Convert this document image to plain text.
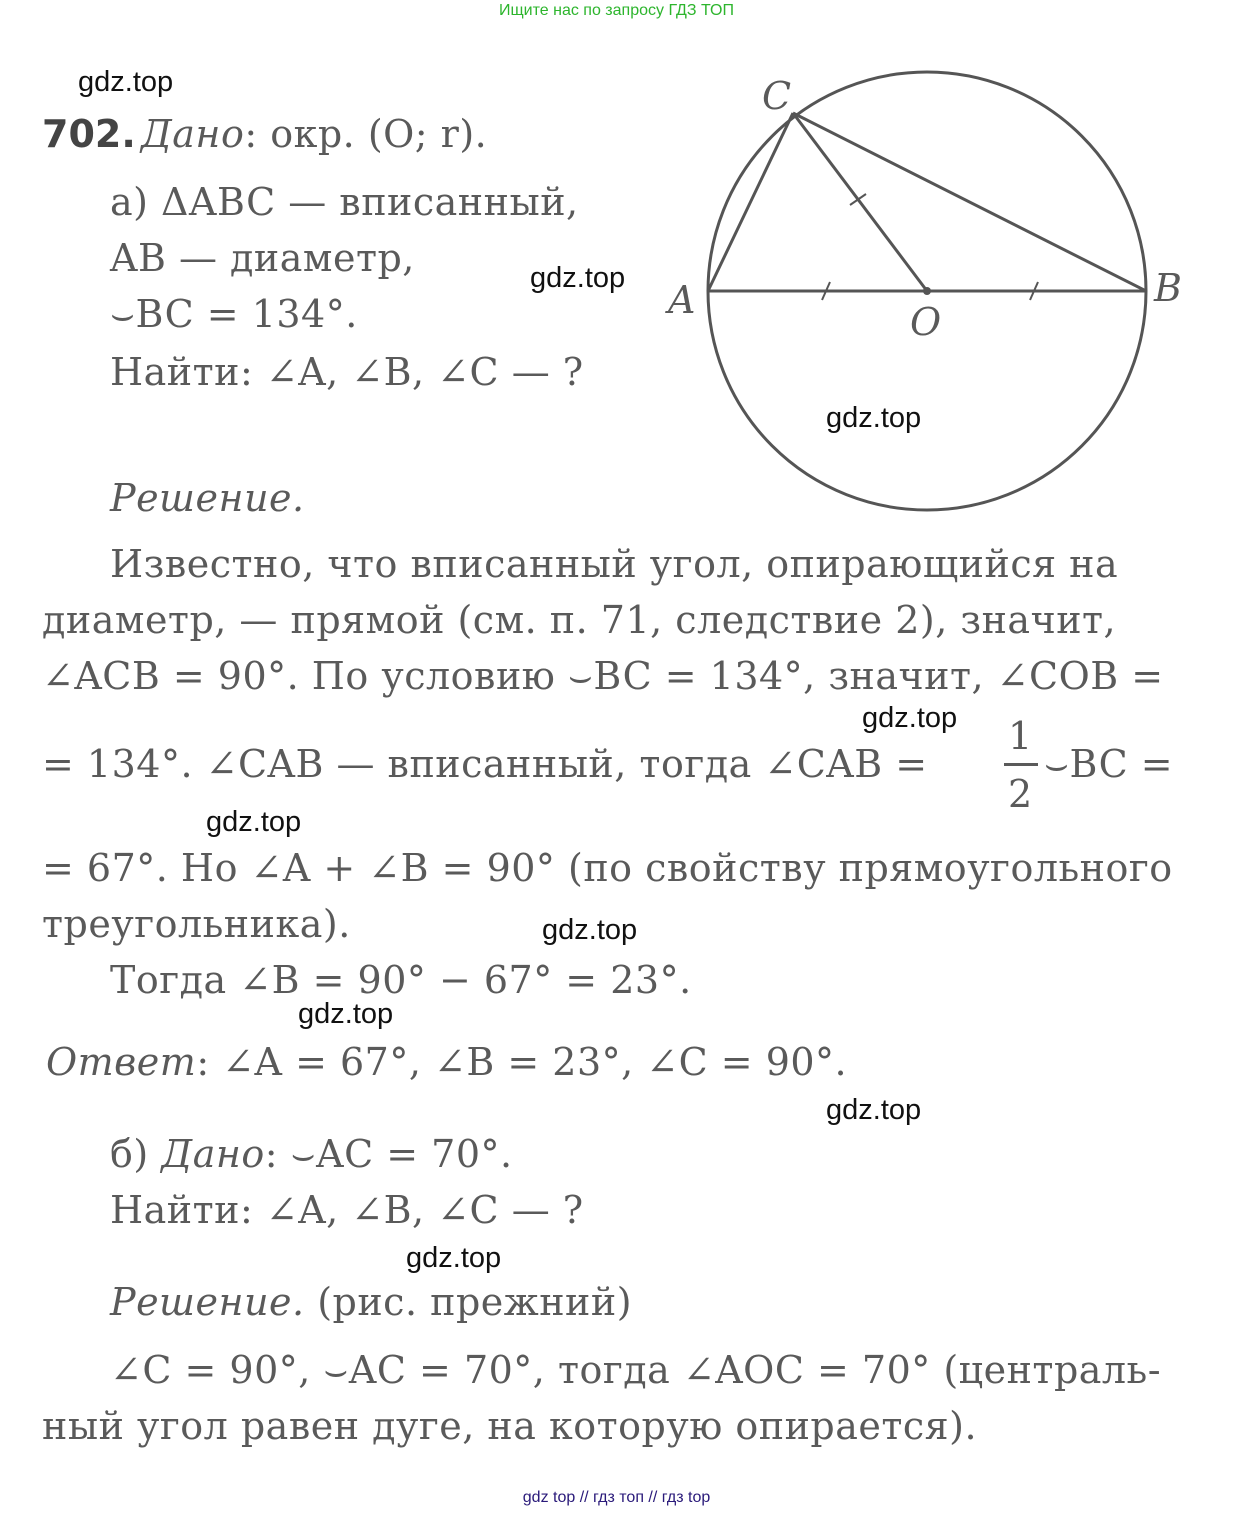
Ищите нас по запросу ГДЗ ТОП
gdz.top
gdz.top
gdz.top
gdz.top
gdz.top
gdz.top
gdz.top
gdz.top
gdz.top
702. Дано: окр. (O; r).
а) ΔABC — вписанный,
AB — диаметр,
⌣BC = 134°.
Найти: ∠A, ∠B, ∠C — ?
C
A	B
O
Решение.
Известно, что вписанный угол, опирающийся на
диаметр, — прямой (см. п. 71, следствие 2), значит,
∠ACB = 90°. По условию ⌣BC = 134°, значит, ∠COB =
= 134°. ∠CAB — вписанный, тогда ∠CAB =
1
2
⌣BC =
= 67°. Но ∠A + ∠B = 90° (по свойству прямоугольного
треугольника).
Тогда ∠B = 90° − 67° = 23°.
Ответ: ∠A = 67°, ∠B = 23°, ∠C = 90°.
б) Дано: ⌣AC = 70°.
Найти: ∠A, ∠B, ∠C — ?
Решение. (рис. прежний)
∠C = 90°, ⌣AC = 70°, тогда ∠AOC = 70° (централь-
ный угол равен дуге, на которую опирается).
gdz top // гдз топ // гдз top
